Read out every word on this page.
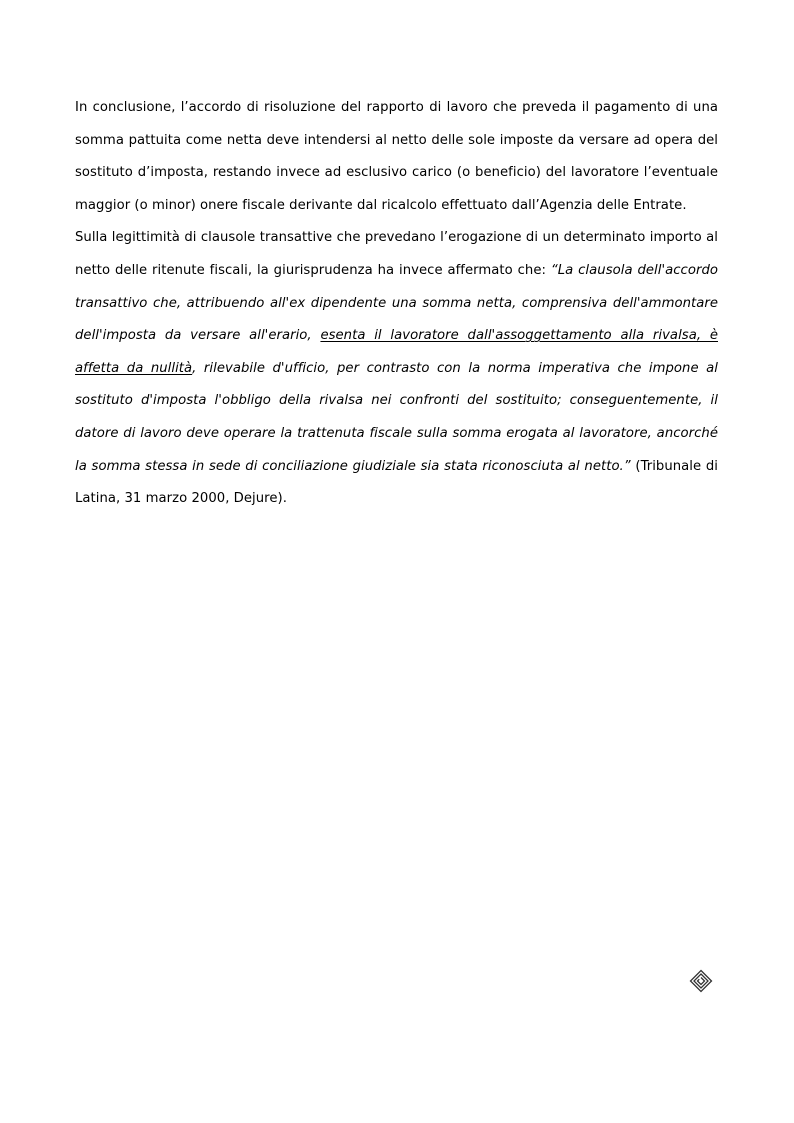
In conclusione, l’accordo di risoluzione del rapporto di lavoro che preveda il pagamento di una somma pattuita come netta deve intendersi al netto delle sole imposte da versare ad opera del sostituto d’imposta, restando invece ad esclusivo carico (o beneficio) del lavoratore l’eventuale maggior (o minor) onere fiscale derivante dal ricalcolo effettuato dall’Agenzia delle Entrate.

Sulla legittimità di clausole transattive che prevedano l’erogazione di un determinato importo al netto delle ritenute fiscali, la giurisprudenza ha invece affermato che: “La clausola dell'accordo transattivo che, attribuendo all'ex dipendente una somma netta, comprensiva dell'ammontare dell'imposta da versare all'erario, esenta il lavoratore dall'assoggettamento alla rivalsa, è affetta da nullità, rilevabile d'ufficio, per contrasto con la norma imperativa che impone al sostituto d'imposta l'obbligo della rivalsa nei confronti del sostituito; conseguentemente, il datore di lavoro deve operare la trattenuta fiscale sulla somma erogata al lavoratore, ancorché la somma stessa in sede di conciliazione giudiziale sia stata riconosciuta al netto.” (Tribunale di Latina, 31 marzo 2000, Dejure).
